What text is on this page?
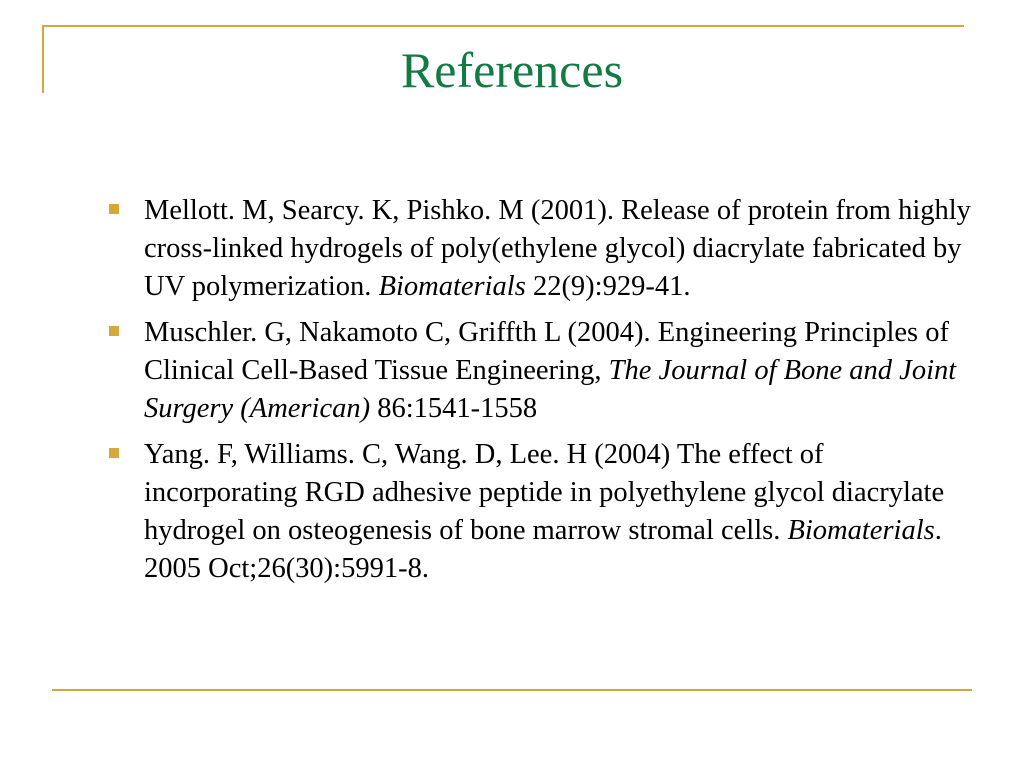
References
Mellott. M, Searcy. K, Pishko. M (2001). Release of protein from highly cross-linked hydrogels of poly(ethylene glycol) diacrylate fabricated by UV polymerization. Biomaterials 22(9):929-41.
Muschler. G, Nakamoto C, Griffth L (2004). Engineering Principles of Clinical Cell-Based Tissue Engineering, The Journal of Bone and Joint Surgery (American) 86:1541-1558
Yang. F, Williams. C, Wang. D, Lee. H (2004) The effect of incorporating RGD adhesive peptide in polyethylene glycol diacrylate hydrogel on osteogenesis of bone marrow stromal cells. Biomaterials. 2005 Oct;26(30):5991-8.
